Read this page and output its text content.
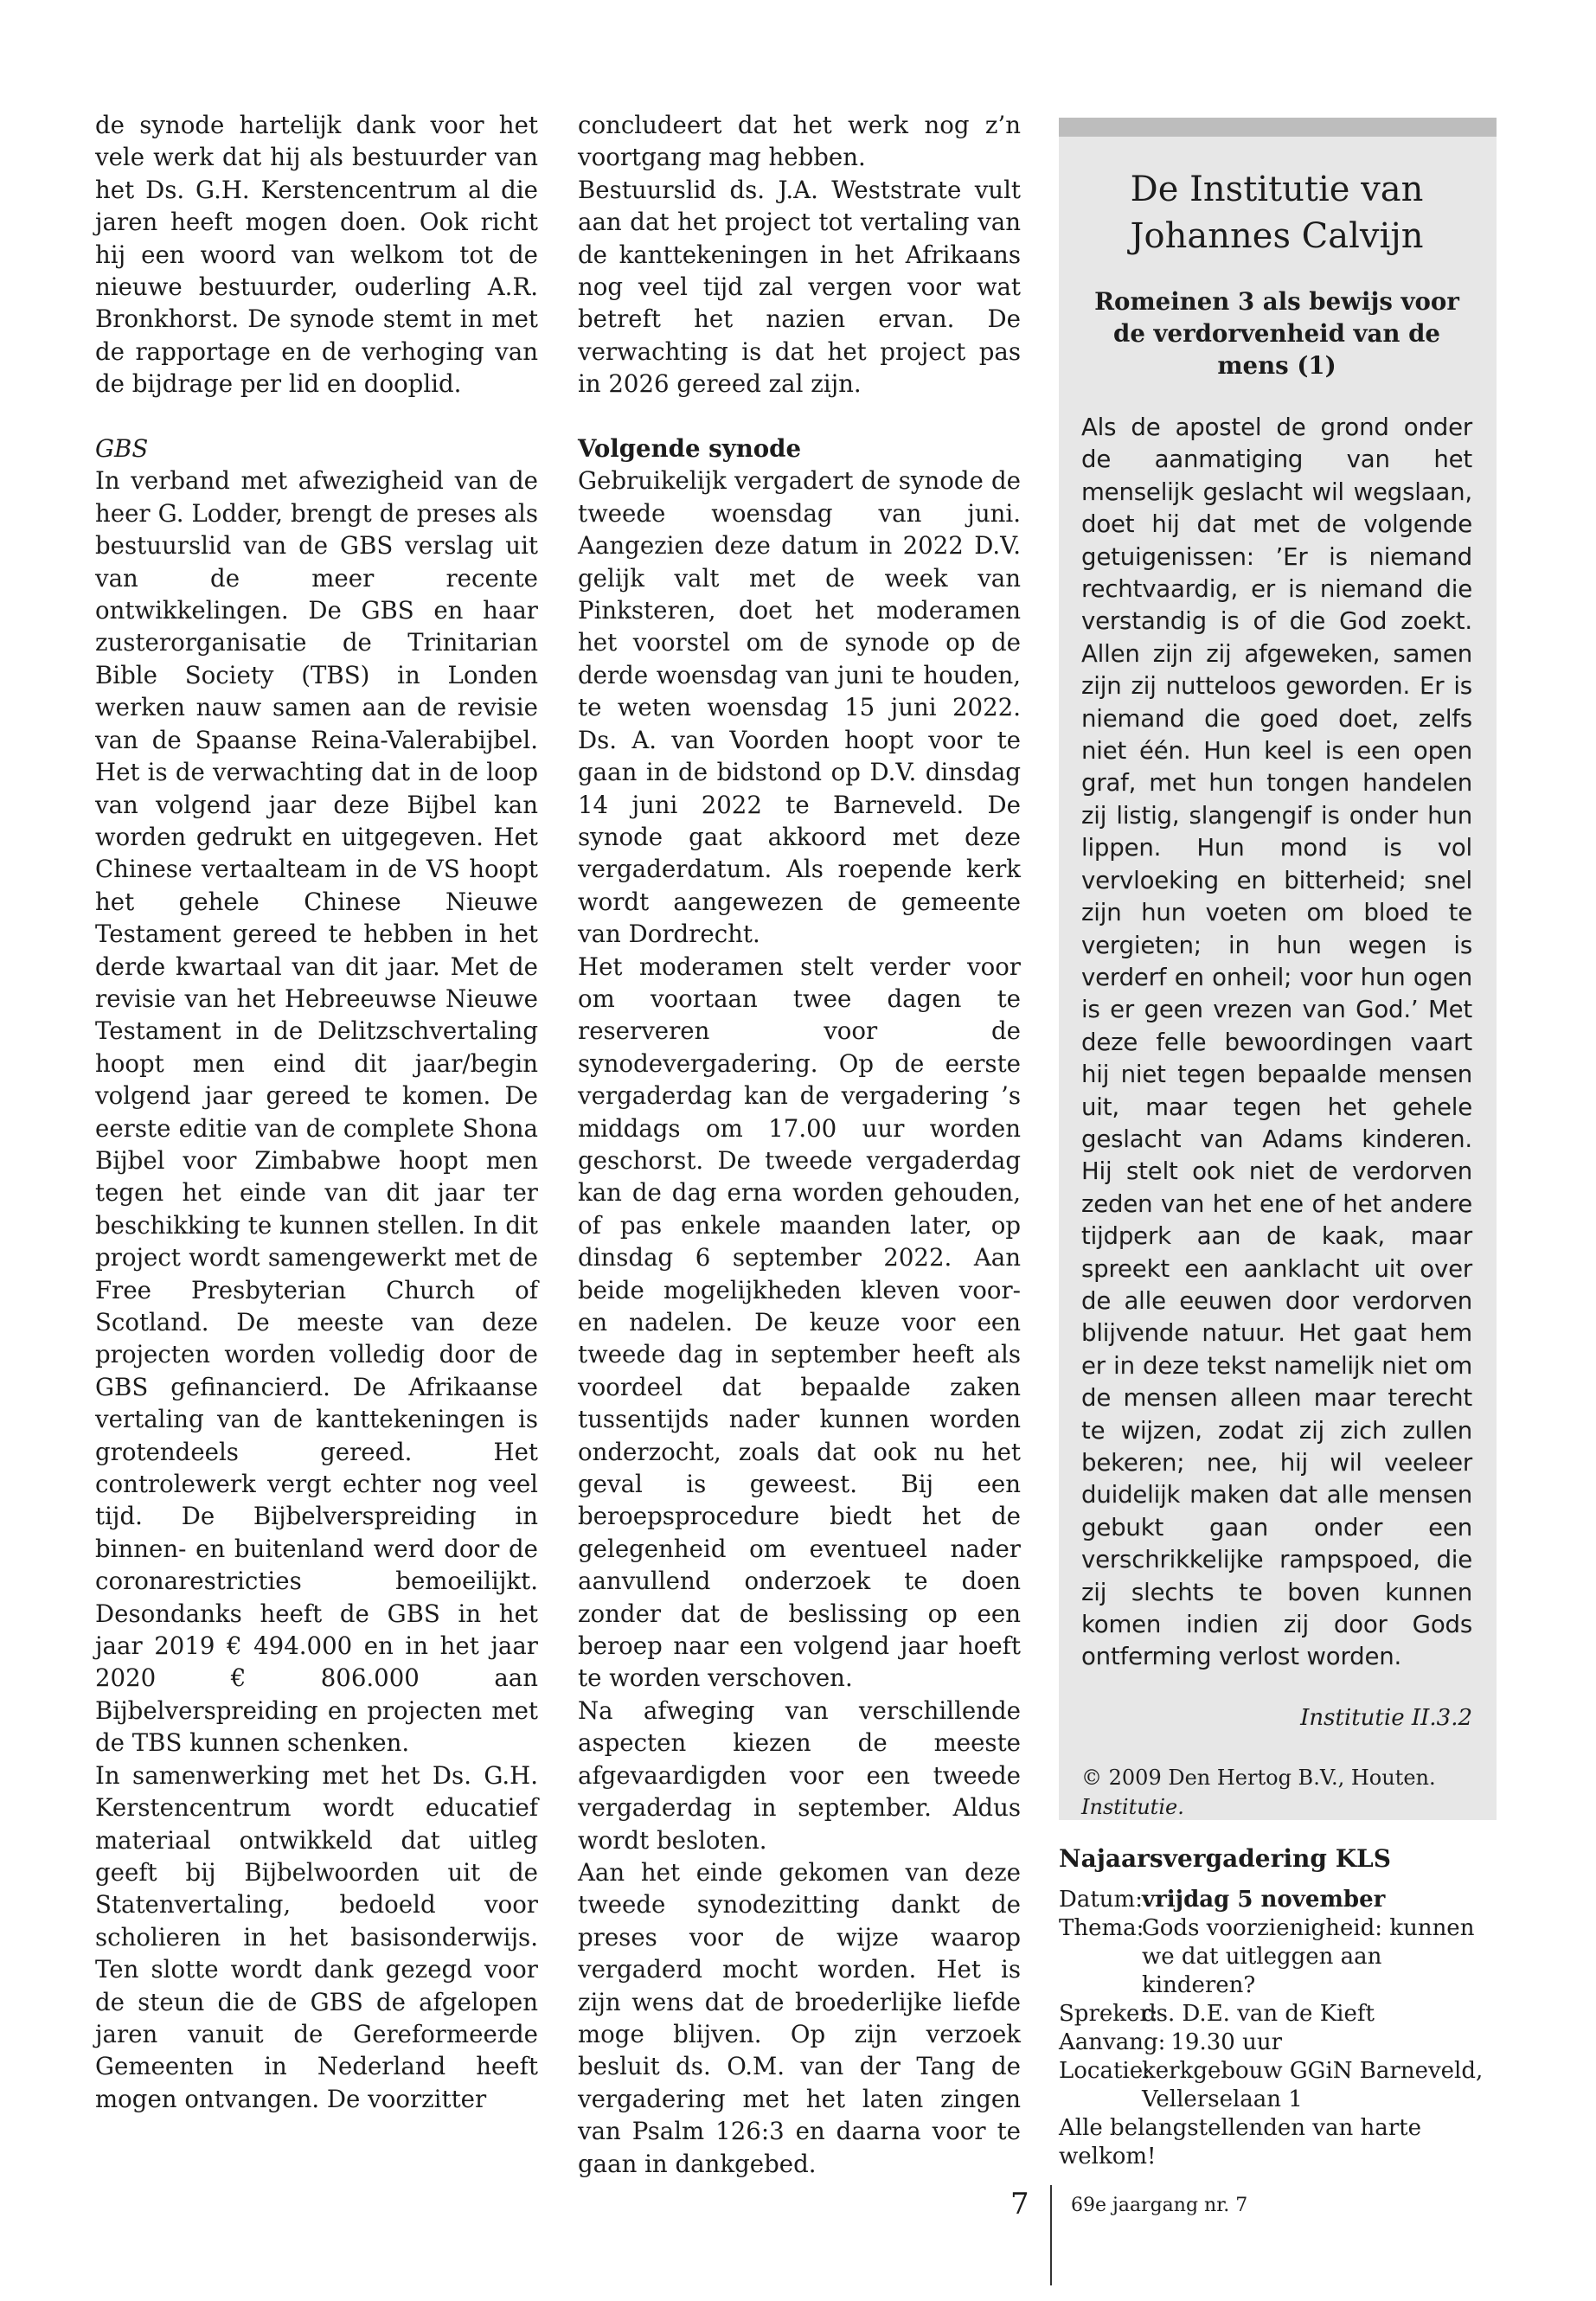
de synode hartelijk dank voor het vele werk dat hij als bestuurder van het Ds. G.H. Kerstencentrum al die jaren heeft mogen doen. Ook richt hij een woord van welkom tot de nieuwe bestuurder, ouderling A.R. Bronkhorst. De synode stemt in met de rapportage en de verhoging van de bijdrage per lid en dooplid.

GBS

In verband met afwezigheid van de heer G. Lodder, brengt de preses als bestuurslid van de GBS verslag uit van de meer recente ontwikkelingen. De GBS en haar zusterorganisatie de Trinitarian Bible Society (TBS) in Londen werken nauw samen aan de revisie van de Spaanse Reina-Valerabijbel. Het is de verwachting dat in de loop van volgend jaar deze Bijbel kan worden gedrukt en uitgegeven. Het Chinese vertaalteam in de VS hoopt het gehele Chinese Nieuwe Testament gereed te hebben in het derde kwartaal van dit jaar. Met de revisie van het Hebreeuwse Nieuwe Testament in de Delitzschvertaling hoopt men eind dit jaar/begin volgend jaar gereed te komen. De eerste editie van de complete Shona Bijbel voor Zimbabwe hoopt men tegen het einde van dit jaar ter beschikking te kunnen stellen. In dit project wordt samengewerkt met de Free Presbyterian Church of Scotland. De meeste van deze projecten worden volledig door de GBS gefinancierd. De Afrikaanse vertaling van de kanttekeningen is grotendeels gereed. Het controlewerk vergt echter nog veel tijd. De Bijbelverspreiding in binnen- en buitenland werd door de coronarestricties bemoeilijkt. Desondanks heeft de GBS in het jaar 2019 € 494.000 en in het jaar 2020 € 806.000 aan Bijbelverspreiding en projecten met de TBS kunnen schenken.

In samenwerking met het Ds. G.H. Kerstencentrum wordt educatief materiaal ontwikkeld dat uitleg geeft bij Bijbelwoorden uit de Statenvertaling, bedoeld voor scholieren in het basisonderwijs. Ten slotte wordt dank gezegd voor de steun die de GBS de afgelopen jaren vanuit de Gereformeerde Gemeenten in Nederland heeft mogen ontvangen. De voorzitter

concludeert dat het werk nog z’n voortgang mag hebben.

Bestuurslid ds. J.A. Weststrate vult aan dat het project tot vertaling van de kanttekeningen in het Afrikaans nog veel tijd zal vergen voor wat betreft het nazien ervan. De verwachting is dat het project pas in 2026 gereed zal zijn.

Volgende synode

Gebruikelijk vergadert de synode de tweede woensdag van juni. Aangezien deze datum in 2022 D.V. gelijk valt met de week van Pinksteren, doet het moderamen het voorstel om de synode op de derde woensdag van juni te houden, te weten woensdag 15 juni 2022. Ds. A. van Voorden hoopt voor te gaan in de bidstond op D.V. dinsdag 14 juni 2022 te Barneveld. De synode gaat akkoord met deze vergaderdatum. Als roepende kerk wordt aangewezen de gemeente van Dordrecht.

Het moderamen stelt verder voor om voortaan twee dagen te reserveren voor de synodevergadering. Op de eerste vergaderdag kan de vergadering ’s middags om 17.00 uur worden geschorst. De tweede vergaderdag kan de dag erna worden gehouden, of pas enkele maanden later, op dinsdag 6 september 2022. Aan beide mogelijkheden kleven voor- en nadelen. De keuze voor een tweede dag in september heeft als voordeel dat bepaalde zaken tussentijds nader kunnen worden onderzocht, zoals dat ook nu het geval is geweest. Bij een beroepsprocedure biedt het de gelegenheid om eventueel nader aanvullend onderzoek te doen zonder dat de beslissing op een beroep naar een volgend jaar hoeft te worden verschoven.

Na afweging van verschillende aspecten kiezen de meeste afgevaardigden voor een tweede vergaderdag in september. Aldus wordt besloten.

Aan het einde gekomen van deze tweede synodezitting dankt de preses voor de wijze waarop vergaderd mocht worden. Het is zijn wens dat de broederlijke liefde moge blijven. Op zijn verzoek besluit ds. O.M. van der Tang de vergadering met het laten zingen van Psalm 126:3 en daarna voor te gaan in dankgebed.

De Institutie van Johannes Calvijn

Romeinen 3 als bewijs voor de verdorvenheid van de mens (1)

Als de apostel de grond onder de aanmatiging van het menselijk geslacht wil wegslaan, doet hij dat met de volgende getuigenissen: ’Er is niemand rechtvaardig, er is niemand die verstandig is of die God zoekt. Allen zijn zij afgeweken, samen zijn zij nutteloos geworden. Er is niemand die goed doet, zelfs niet één. Hun keel is een open graf, met hun tongen handelen zij listig, slangengif is onder hun lippen. Hun mond is vol vervloeking en bitterheid; snel zijn hun voeten om bloed te vergieten; in hun wegen is verderf en onheil; voor hun ogen is er geen vrezen van God.’ Met deze felle bewoordingen vaart hij niet tegen bepaalde mensen uit, maar tegen het gehele geslacht van Adams kinderen. Hij stelt ook niet de verdorven zeden van het ene of het andere tijdperk aan de kaak, maar spreekt een aanklacht uit over de alle eeuwen door verdorven blijvende natuur. Het gaat hem er in deze tekst namelijk niet om de mensen alleen maar terecht te wijzen, zodat zij zich zullen bekeren; nee, hij wil veeleer duidelijk maken dat alle mensen gebukt gaan onder een verschrikkelijke rampspoed, die zij slechts te boven kunnen komen indien zij door Gods ontferming verlost worden.

Institutie II.3.2

© 2009 Den Hertog B.V., Houten.
Institutie.

Najaarsvergadering KLS
Datum: vrijdag 5 november
Thema:
Gods voorzienigheid: kunnen
we dat uitleggen aan kinderen?
Spreker:
ds. D.E. van de Kieft
Aanvang: 19.30 uur
Locatie:
kerkgebouw GGiN Barneveld,
Vellerselaan 1
Alle belangstellenden van harte welkom!
7 69e jaargang nr. 7
